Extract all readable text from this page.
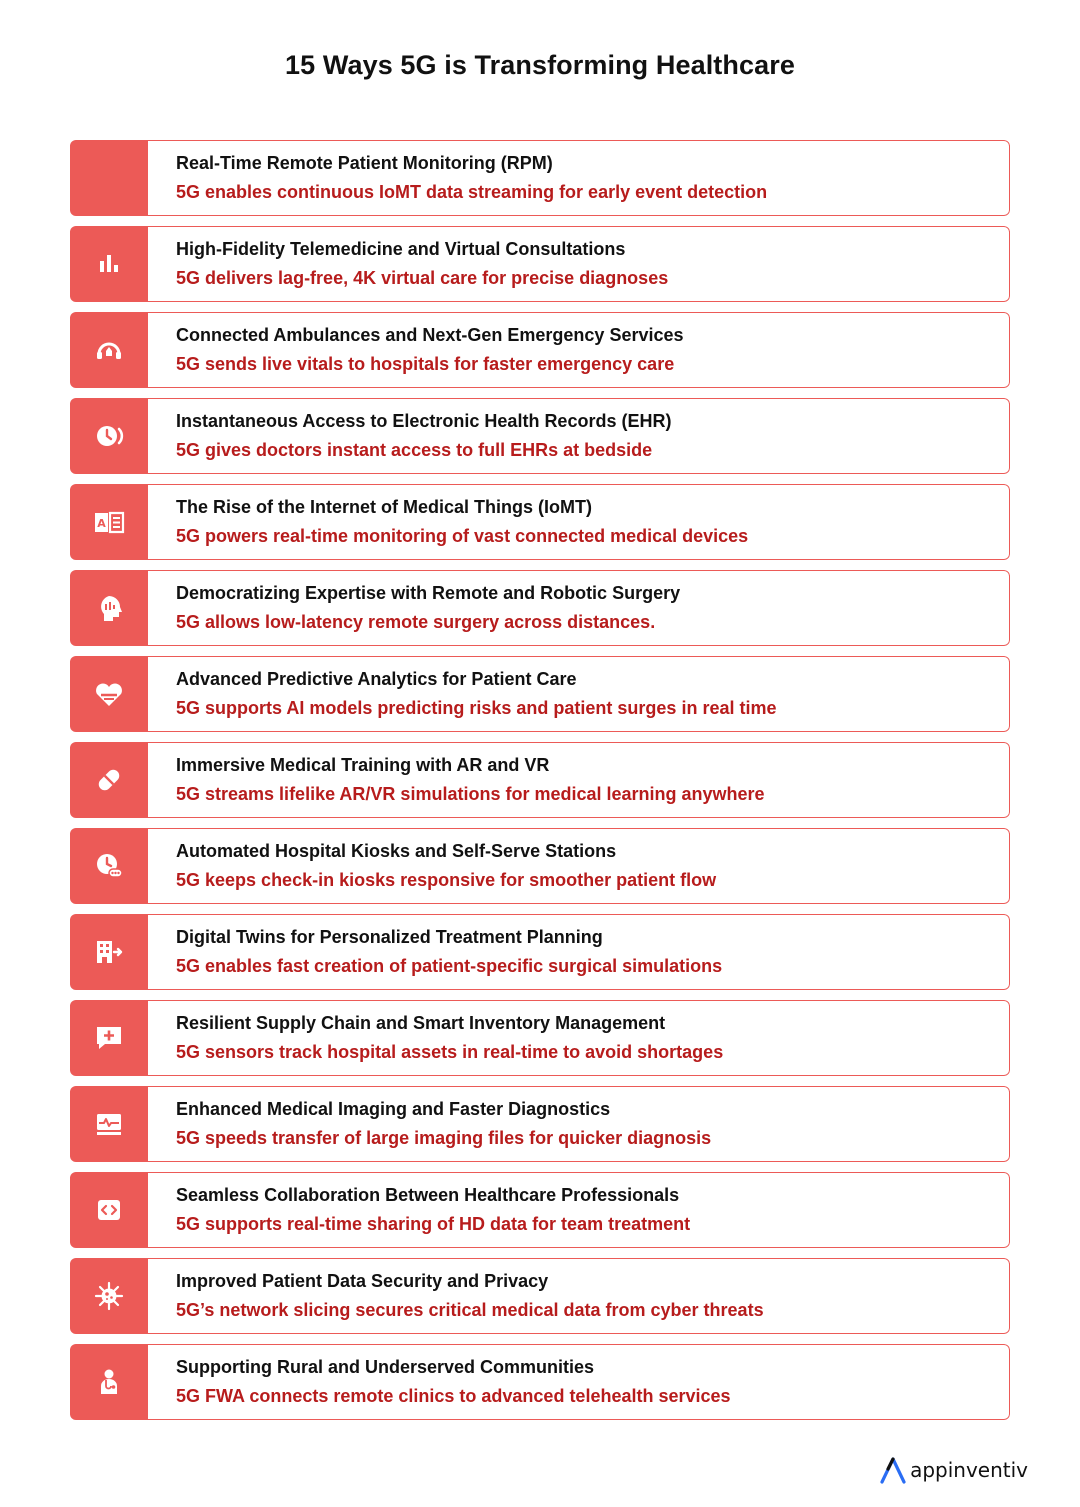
15 Ways 5G is Transforming Healthcare
Real-Time Remote Patient Monitoring (RPM)
5G enables continuous IoMT data streaming for early event detection
High-Fidelity Telemedicine and Virtual Consultations
5G delivers lag-free, 4K virtual care for precise diagnoses
Connected Ambulances and Next-Gen Emergency Services
5G sends live vitals to hospitals for faster emergency care
Instantaneous Access to Electronic Health Records (EHR)
5G gives doctors instant access to full EHRs at bedside
A
The Rise of the Internet of Medical Things (IoMT)
5G powers real-time monitoring of vast connected medical devices
Democratizing Expertise with Remote and Robotic Surgery
5G allows low-latency remote surgery across distances.
Advanced Predictive Analytics for Patient Care
5G supports AI models predicting risks and patient surges in real time
Immersive Medical Training with AR and VR
5G streams lifelike AR/VR simulations for medical learning anywhere
Automated Hospital Kiosks and Self-Serve Stations
5G keeps check-in kiosks responsive for smoother patient flow
Digital Twins for Personalized Treatment Planning
5G enables fast creation of patient-specific surgical simulations
Resilient Supply Chain and Smart Inventory Management
5G sensors track hospital assets in real-time to avoid shortages
Enhanced Medical Imaging and Faster Diagnostics
5G speeds transfer of large imaging files for quicker diagnosis
Seamless Collaboration Between Healthcare Professionals
5G supports real-time sharing of HD data for team treatment
Improved Patient Data Security and Privacy
5G’s network slicing secures critical medical data from cyber threats
Supporting Rural and Underserved Communities
5G FWA connects remote clinics to advanced telehealth services
appinventiv
